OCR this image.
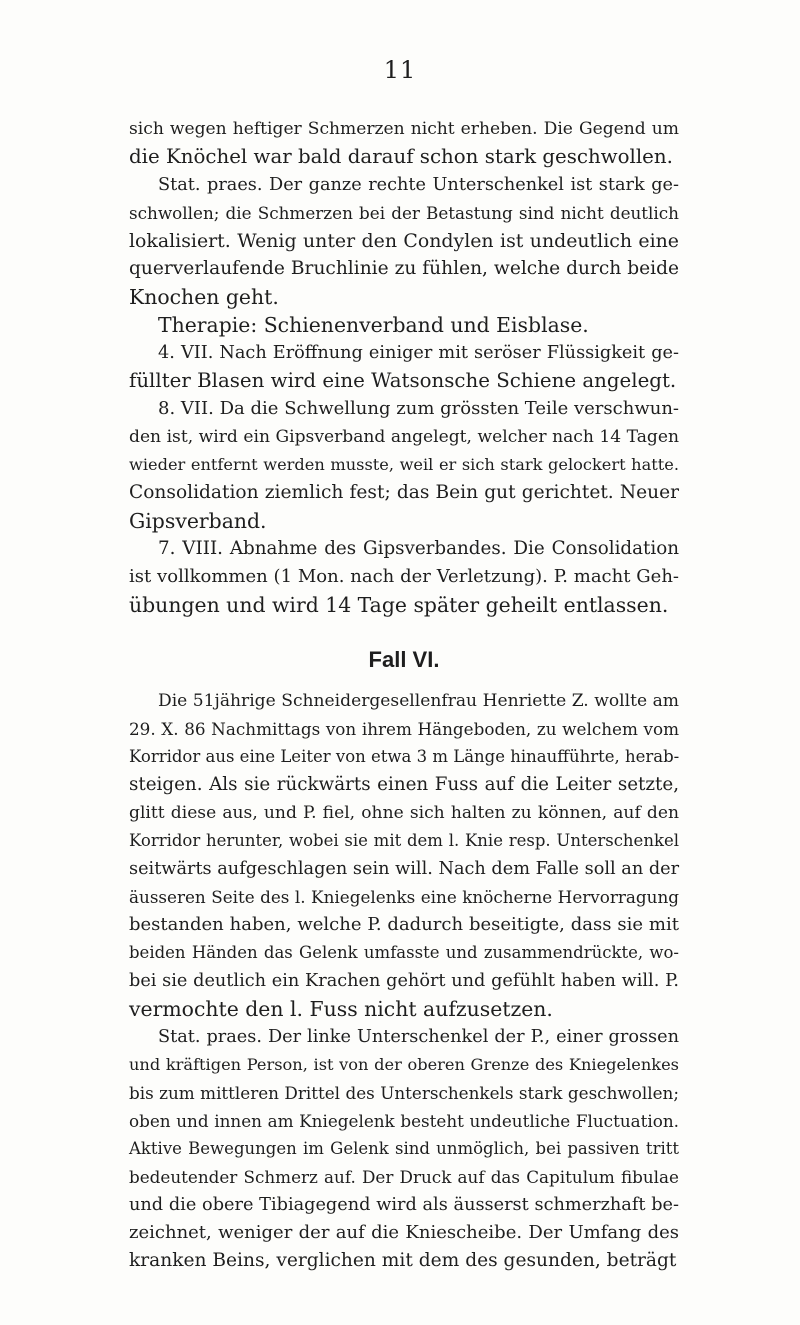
11
sich wegen heftiger Schmerzen nicht erheben. Die Gegend um
die Knöchel war bald darauf schon stark geschwollen.
Stat. praes. Der ganze rechte Unterschenkel ist stark ge-
schwollen; die Schmerzen bei der Betastung sind nicht deutlich
lokalisiert. Wenig unter den Condylen ist undeutlich eine
querverlaufende Bruchlinie zu fühlen, welche durch beide
Knochen geht.
Therapie: Schienenverband und Eisblase.
4. VII. Nach Eröffnung einiger mit seröser Flüssigkeit ge-
füllter Blasen wird eine Watsonsche Schiene angelegt.
8. VII. Da die Schwellung zum grössten Teile verschwun-
den ist, wird ein Gipsverband angelegt, welcher nach 14 Tagen
wieder entfernt werden musste, weil er sich stark gelockert hatte.
Consolidation ziemlich fest; das Bein gut gerichtet. Neuer
Gipsverband.
7. VIII. Abnahme des Gipsverbandes. Die Consolidation
ist vollkommen (1 Mon. nach der Verletzung). P. macht Geh-
übungen und wird 14 Tage später geheilt entlassen.
Fall VI.
Die 51jährige Schneidergesellenfrau Henriette Z. wollte am
29. X. 86 Nachmittags von ihrem Hängeboden, zu welchem vom
Korridor aus eine Leiter von etwa 3 m Länge hinaufführte, herab-
steigen. Als sie rückwärts einen Fuss auf die Leiter setzte,
glitt diese aus, und P. fiel, ohne sich halten zu können, auf den
Korridor herunter, wobei sie mit dem l. Knie resp. Unterschenkel
seitwärts aufgeschlagen sein will. Nach dem Falle soll an der
äusseren Seite des l. Kniegelenks eine knöcherne Hervorragung
bestanden haben, welche P. dadurch beseitigte, dass sie mit
beiden Händen das Gelenk umfasste und zusammendrückte, wo-
bei sie deutlich ein Krachen gehört und gefühlt haben will. P.
vermochte den l. Fuss nicht aufzusetzen.
Stat. praes. Der linke Unterschenkel der P., einer grossen
und kräftigen Person, ist von der oberen Grenze des Kniegelenkes
bis zum mittleren Drittel des Unterschenkels stark geschwollen;
oben und innen am Kniegelenk besteht undeutliche Fluctuation.
Aktive Bewegungen im Gelenk sind unmöglich, bei passiven tritt
bedeutender Schmerz auf. Der Druck auf das Capitulum fibulae
und die obere Tibiagegend wird als äusserst schmerzhaft be-
zeichnet, weniger der auf die Kniescheibe. Der Umfang des
kranken Beins, verglichen mit dem des gesunden, beträgt
